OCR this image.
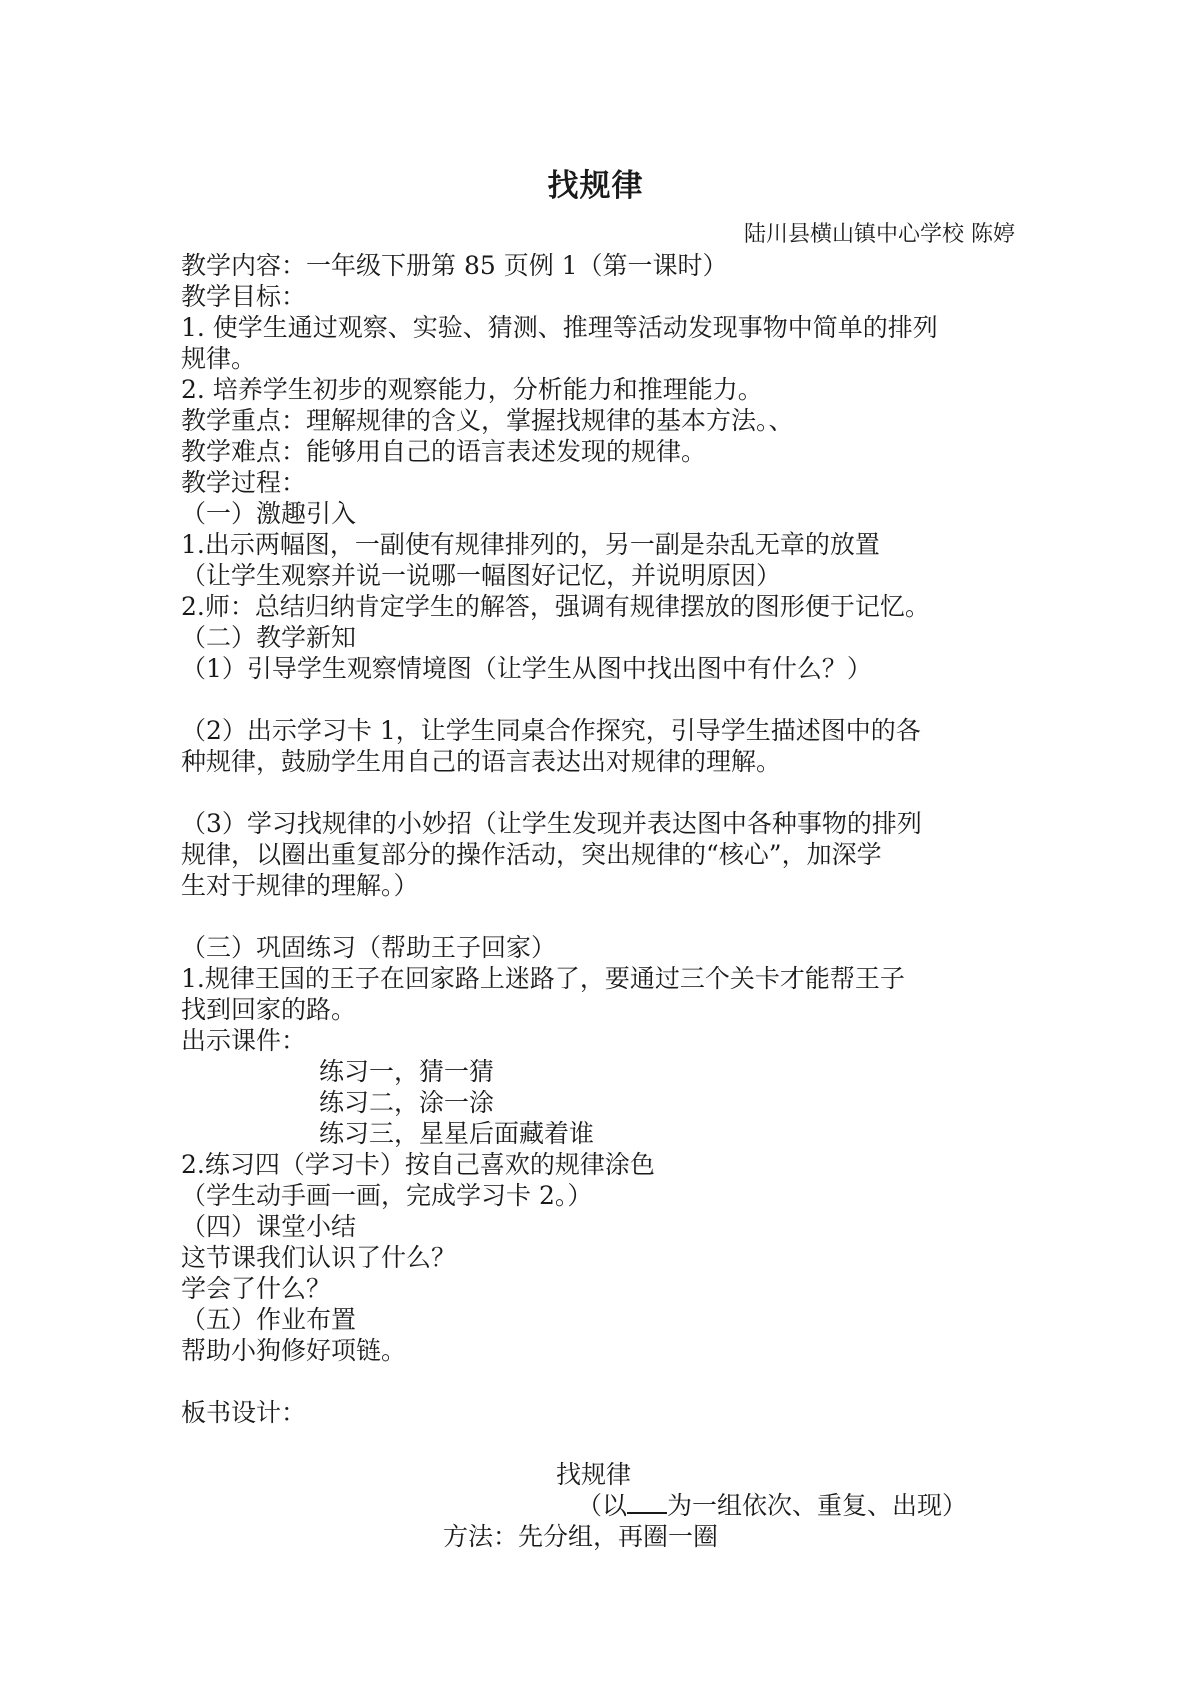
找规律
陆川县横山镇中心学校 陈婷
教学内容：一年级下册第 85 页例 1（第一课时）
教学目标：
1. 使学生通过观察、实验、猜测、推理等活动发现事物中简单的排列
规律。
2. 培养学生初步的观察能力，分析能力和推理能力。
教学重点：理解规律的含义，掌握找规律的基本方法。、
教学难点：能够用自己的语言表述发现的规律。
教学过程：
（一）激趣引入
1.出示两幅图，一副使有规律排列的，另一副是杂乱无章的放置
（让学生观察并说一说哪一幅图好记忆，并说明原因）
2.师：总结归纳肯定学生的解答，强调有规律摆放的图形便于记忆。
（二）教学新知
（1）引导学生观察情境图（让学生从图中找出图中有什么？）
（2）出示学习卡 1，让学生同桌合作探究，引导学生描述图中的各
种规律，鼓励学生用自己的语言表达出对规律的理解。
（3）学习找规律的小妙招（让学生发现并表达图中各种事物的排列
规律，以圈出重复部分的操作活动，突出规律的“核心”，加深学
生对于规律的理解。）
（三）巩固练习（帮助王子回家）
1.规律王国的王子在回家路上迷路了，要通过三个关卡才能帮王子
找到回家的路。
出示课件：
练习一，猜一猜
练习二，涂一涂
练习三，星星后面藏着谁
2.练习四（学习卡）按自己喜欢的规律涂色
（学生动手画一画，完成学习卡 2。）
（四）课堂小结
这节课我们认识了什么？
学会了什么？
（五）作业布置
帮助小狗修好项链。
板书设计：
找规律
（以 为一组依次、重复、出现）
方法：先分组，再圈一圈
